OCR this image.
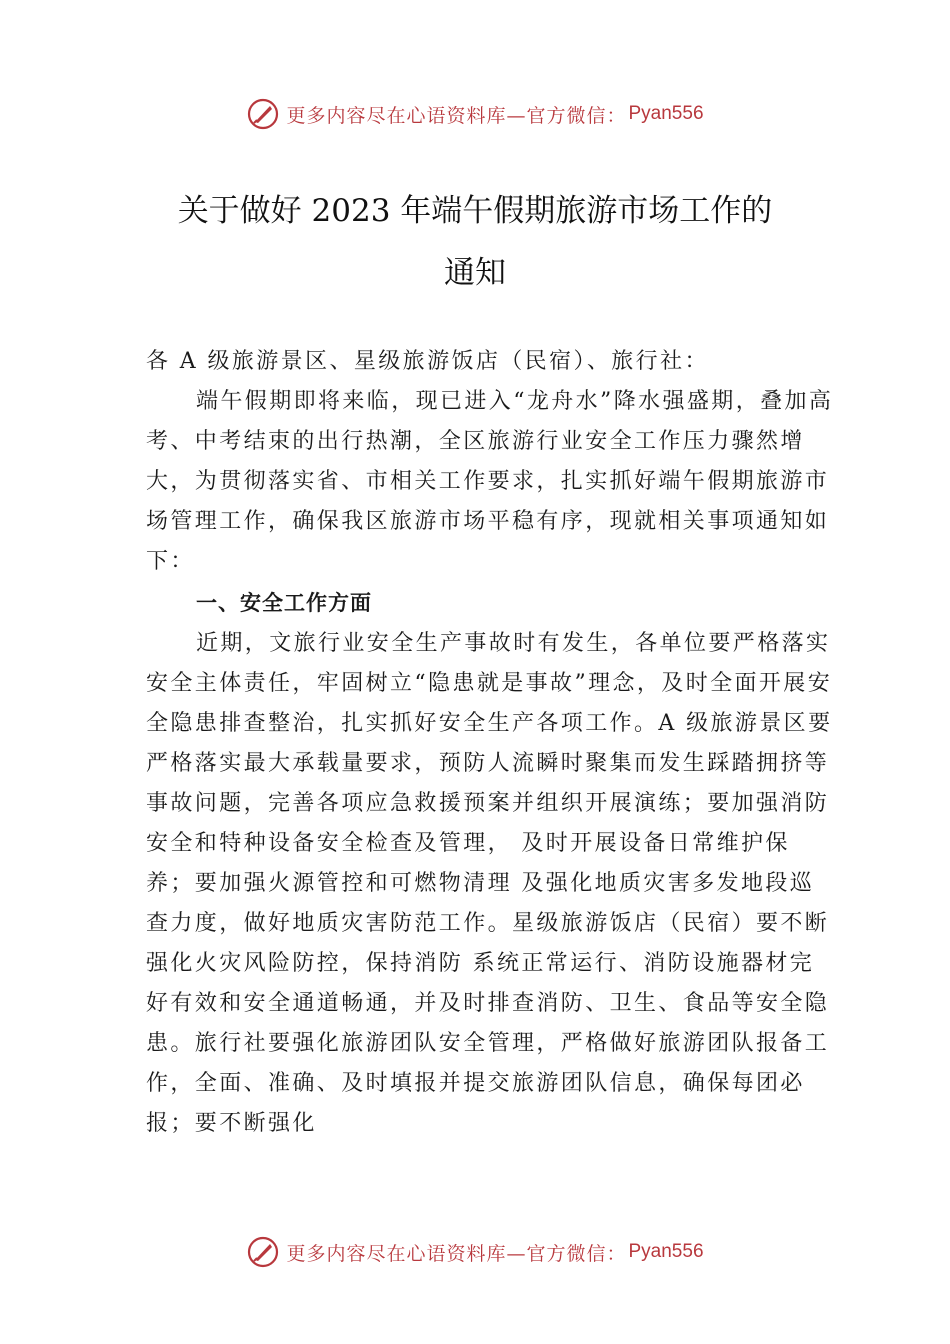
更多内容尽在心语资料库—官方微信： Pyan556
关于做好 2023 年端午假期旅游市场工作的
通知

各 A 级旅游景区、星级旅游饭店（民宿）、旅行社：

端午假期即将来临，现已进入“龙舟水”降水强盛期，叠加高考、中考结束的出行热潮，全区旅游行业安全工作压力骤然增大，为贯彻落实省、市相关工作要求，扎实抓好端午假期旅游市场管理工作，确保我区旅游市场平稳有序，现就相关事项通知如下：

一、安全工作方面

近期，文旅行业安全生产事故时有发生，各单位要严格落实安全主体责任，牢固树立“隐患就是事故”理念，及时全面开展安全隐患排查整治，扎实抓好安全生产各项工作。A 级旅游景区要严格落实最大承载量要求，预防人流瞬时聚集而发生踩踏拥挤等事故问题，完善各项应急救援预案并组织开展演练；要加强消防安全和特种设备安全检查及管理， 及时开展设备日常维护保养；要加强火源管控和可燃物清理 及强化地质灾害多发地段巡查力度，做好地质灾害防范工作。星级旅游饭店（民宿）要不断强化火灾风险防控，保持消防 系统正常运行、消防设施器材完好有效和安全通道畅通，并及时排查消防、卫生、食品等安全隐患。旅行社要强化旅游团队安全管理，严格做好旅游团队报备工作，全面、准确、及时填报并提交旅游团队信息，确保每团必报；要不断强化

更多内容尽在心语资料库—官方微信： Pyan556
